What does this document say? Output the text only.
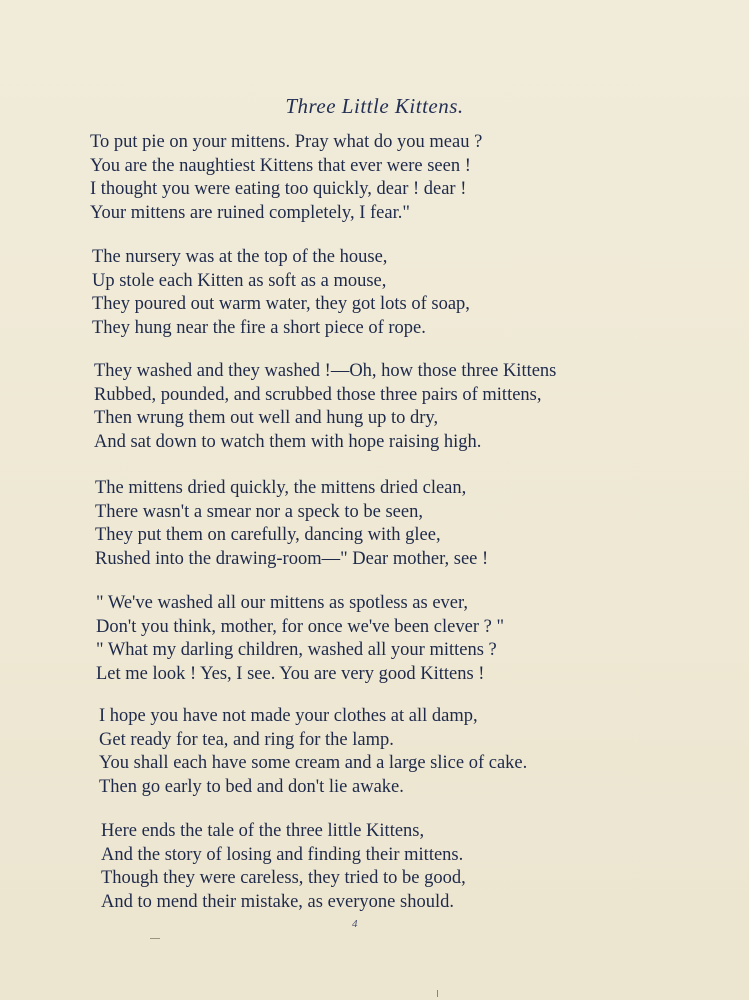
Three Little Kittens.
To put pie on your mittens. Pray what do you meau ?
You are the naughtiest Kittens that ever were seen !
I thought you were eating too quickly, dear ! dear !
Your mittens are ruined completely, I fear."
The nursery was at the top of the house,
Up stole each Kitten as soft as a mouse,
They poured out warm water, they got lots of soap,
They hung near the fire a short piece of rope.
They washed and they washed !—Oh, how those three Kittens
Rubbed, pounded, and scrubbed those three pairs of mittens,
Then wrung them out well and hung up to dry,
And sat down to watch them with hope raising high.
The mittens dried quickly, the mittens dried clean,
There wasn't a smear nor a speck to be seen,
They put them on carefully, dancing with glee,
Rushed into the drawing-room—" Dear mother, see !
" We've washed all our mittens as spotless as ever,
Don't you think, mother, for once we've been clever ? "
" What my darling children, washed all your mittens ?
Let me look ! Yes, I see. You are very good Kittens !
I hope you have not made your clothes at all damp,
Get ready for tea, and ring for the lamp.
You shall each have some cream and a large slice of cake.
Then go early to bed and don't lie awake.
Here ends the tale of the three little Kittens,
And the story of losing and finding their mittens.
Though they were careless, they tried to be good,
And to mend their mistake, as everyone should.
4
